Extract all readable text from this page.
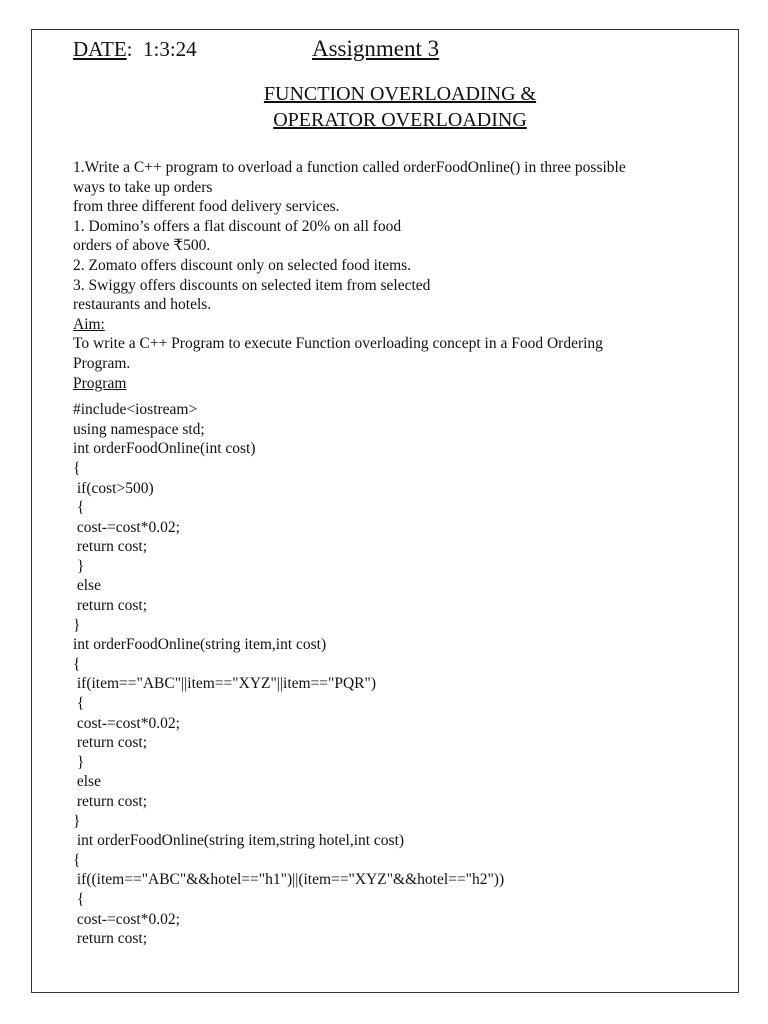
DATE: 1:3:24	Assignment 3
FUNCTION OVERLOADING &
OPERATOR OVERLOADING
1.Write a C++ program to overload a function called orderFoodOnline() in three possible
ways to take up orders
from three different food delivery services.
1. Domino’s offers a flat discount of 20% on all food
orders of above ₹500.
2. Zomato offers discount only on selected food items.
3. Swiggy offers discounts on selected item from selected
restaurants and hotels.
Aim:
To write a C++ Program to execute Function overloading concept in a Food Ordering
Program.
Program
#include<iostream>
using namespace std;
int orderFoodOnline(int cost)
{
if(cost>500)
{
cost-=cost*0.02;
return cost;
}
else
return cost;
}
int orderFoodOnline(string item,int cost)
{
if(item=="ABC"||item=="XYZ"||item=="PQR")
{
cost-=cost*0.02;
return cost;
}
else
return cost;
}
int orderFoodOnline(string item,string hotel,int cost)
{
if((item=="ABC"&&hotel=="h1")||(item=="XYZ"&&hotel=="h2"))
{
cost-=cost*0.02;
return cost;
